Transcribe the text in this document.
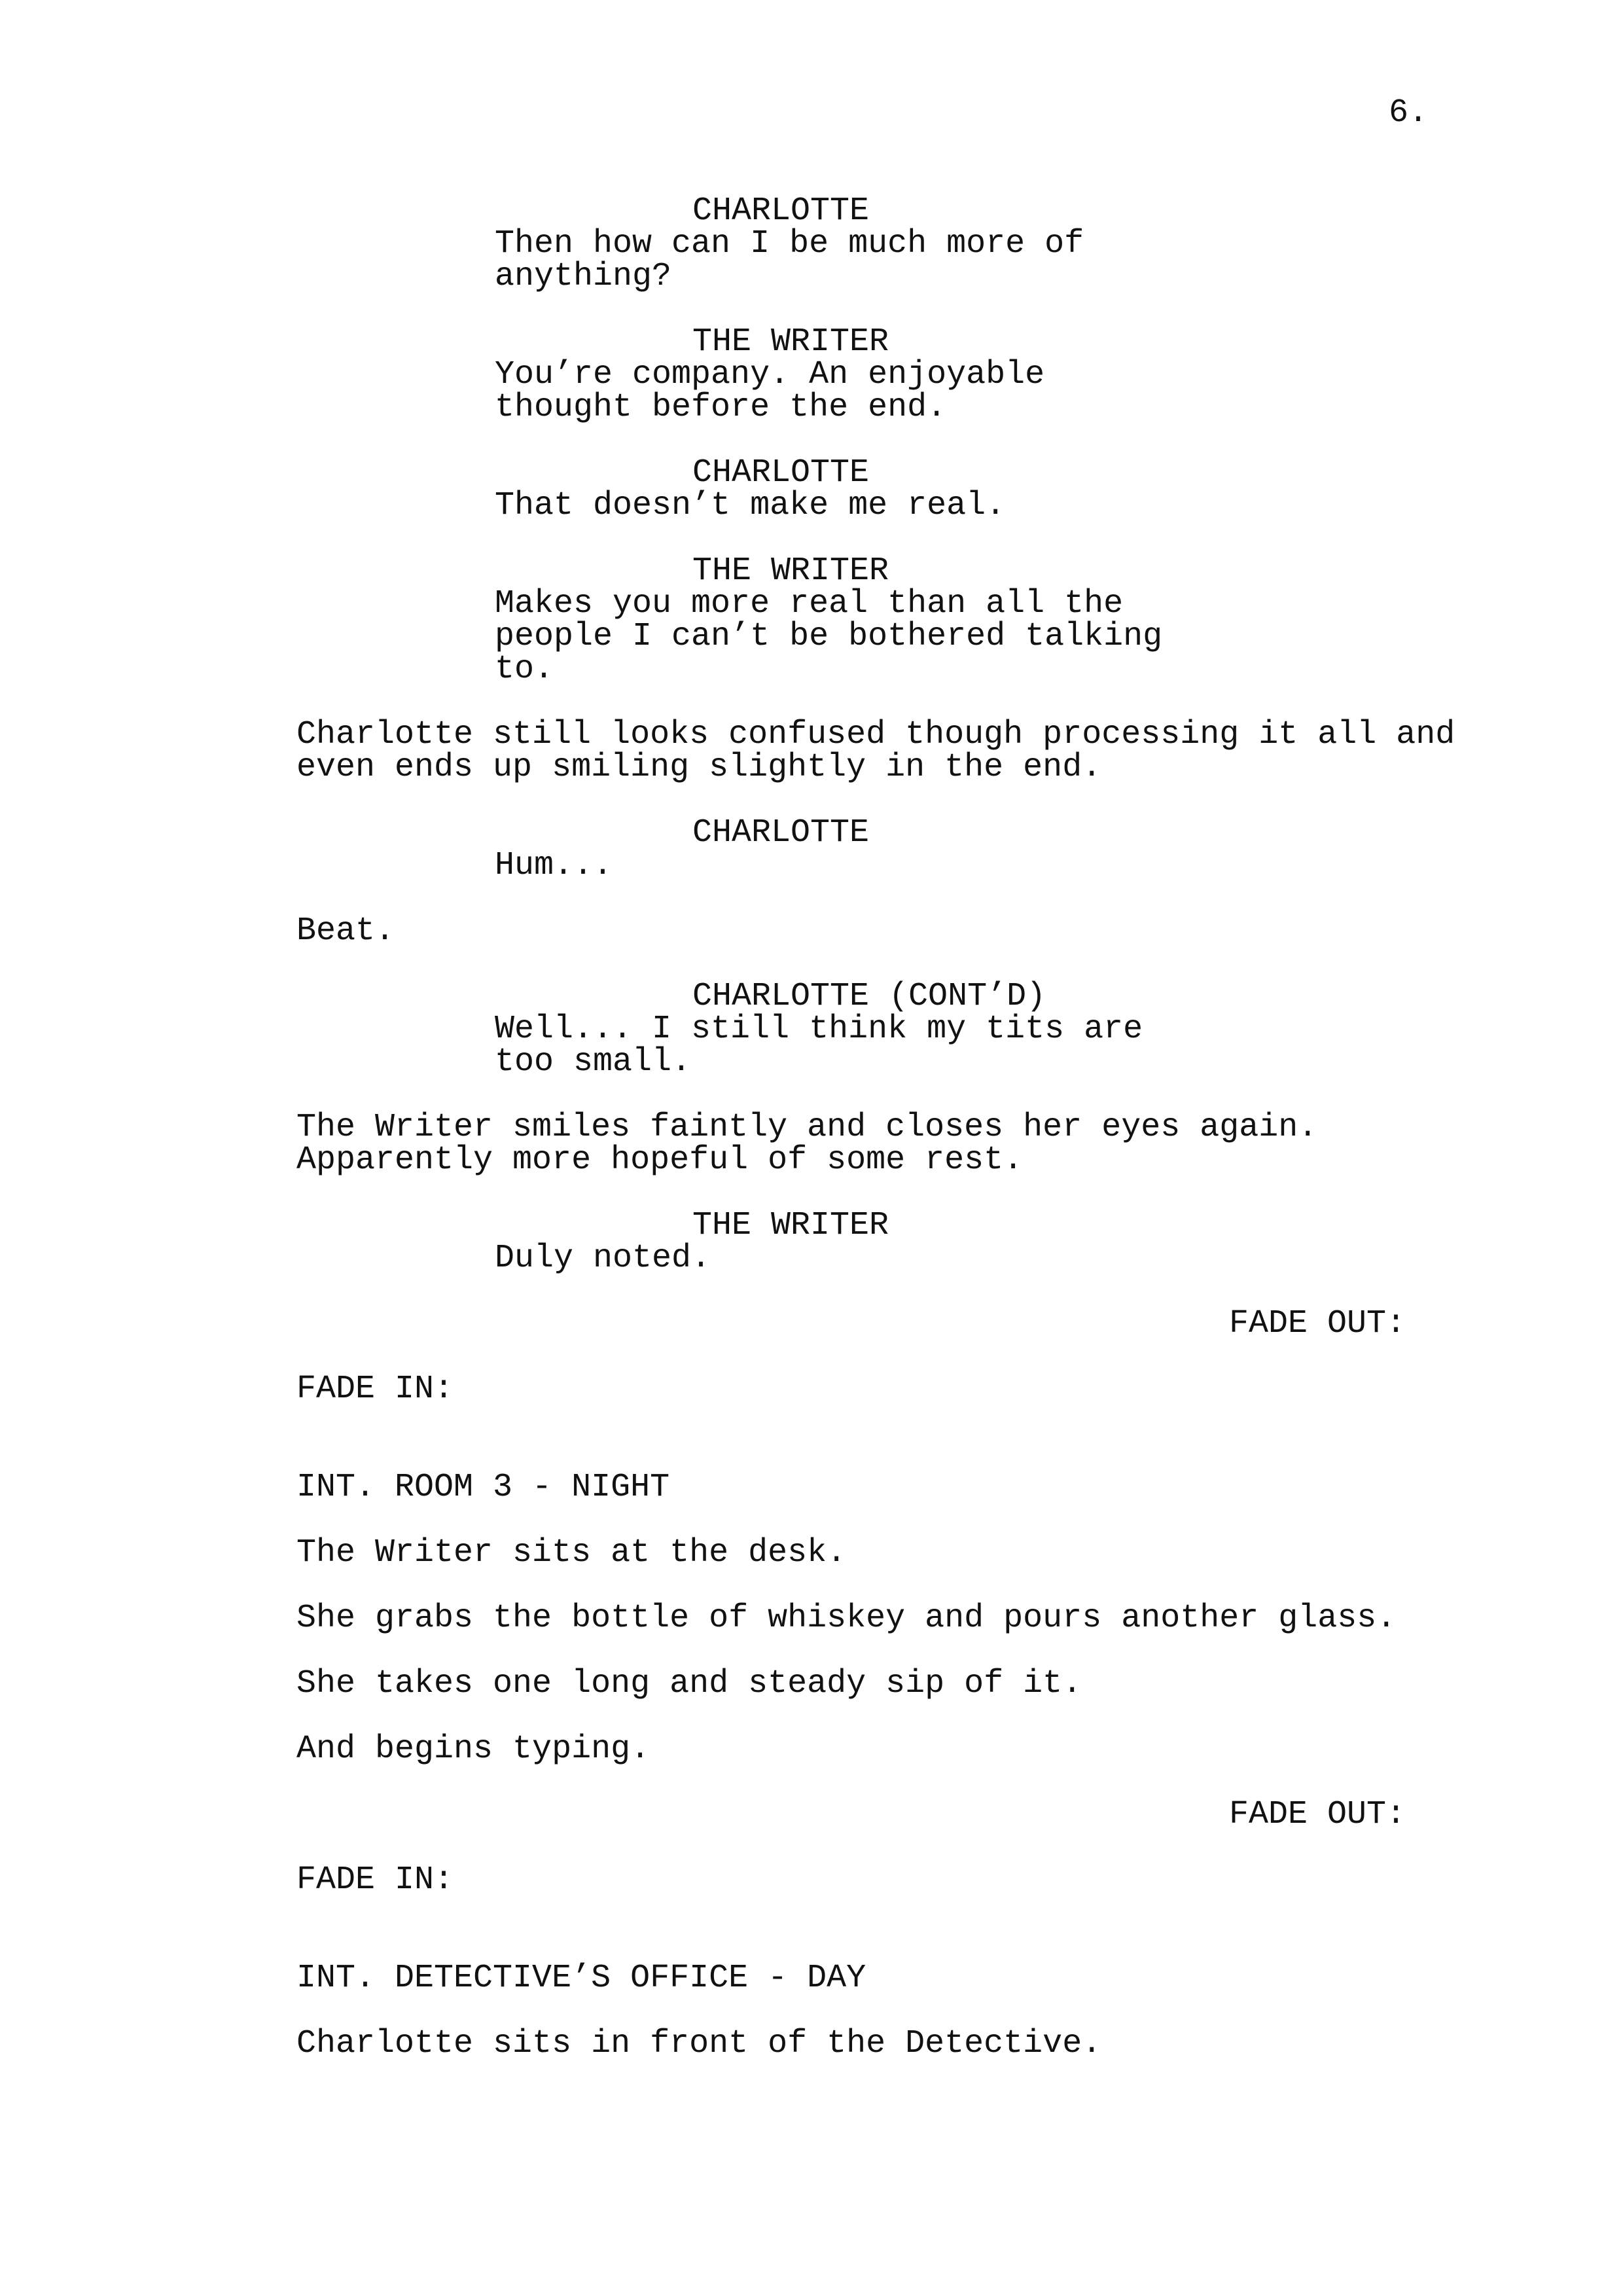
6.
CHARLOTTE
Then how can I be much more of
anything?
THE WRITER
You’re company. An enjoyable
thought before the end.
CHARLOTTE
That doesn’t make me real.
THE WRITER
Makes you more real than all the
people I can’t be bothered talking
to.
Charlotte still looks confused though processing it all and
even ends up smiling slightly in the end.
CHARLOTTE
Hum...
Beat.
CHARLOTTE (CONT’D)
Well... I still think my tits are
too small.
The Writer smiles faintly and closes her eyes again.
Apparently more hopeful of some rest.
THE WRITER
Duly noted.
FADE OUT:
FADE IN:
INT. ROOM 3 - NIGHT
The Writer sits at the desk.
She grabs the bottle of whiskey and pours another glass.
She takes one long and steady sip of it.
And begins typing.
FADE OUT:
FADE IN:
INT. DETECTIVE’S OFFICE - DAY
Charlotte sits in front of the Detective.
